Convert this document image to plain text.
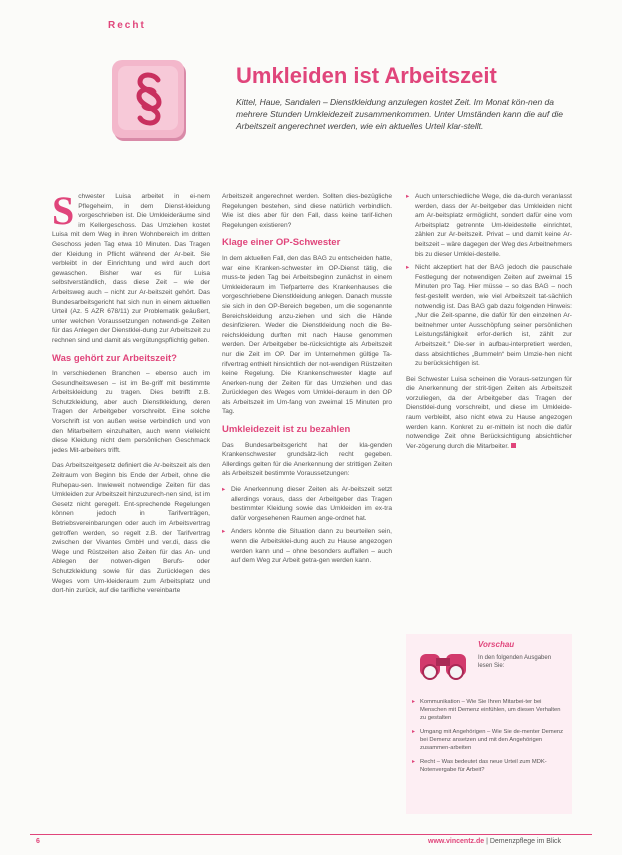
Recht
Umkleiden ist Arbeitszeit
Kittel, Haue, Sandalen – Dienstkleidung anzulegen kostet Zeit. Im Monat kön-nen da mehrere Stunden Umkleidezeit zusammenkommen. Unter Umständen kann die auf die Arbeitszeit angerechnet werden, wie ein aktuelles Urteil klar-stellt.

Schwester Luisa arbeitet in ei-nem Pflegeheim, in dem Dienst-kleidung vorgeschrieben ist. Die Umkleideräume sind im Kellergeschoss. Das Umziehen kostet Luisa mit dem Weg in ihren Wohnbereich im dritten Geschoss jeden Tag etwa 10 Minuten. Das Tragen der Kleidung in Pflicht während der Ar-beit. Sie verbleibt in der Einrichtung und wird auch dort gewaschen. Bisher war es für Luisa selbstverständlich, dass diese Zeit – wie der Arbeitsweg auch – nicht zur Ar-beitszeit gehört. Das Bundesarbeitsgericht hat sich nun in einem aktuellen Urteil (Az. 5 AZR 678/11) zur Problematik geäußert, unter welchen Voraussetzungen notwendi-ge Zeiten für das Anlegen der Dienstklei-dung zur Arbeitszeit zu rechnen sind und damit als vergütungspflichtig gelten.

Was gehört zur Arbeitszeit?

In verschiedenen Branchen – ebenso auch im Gesundheitswesen – ist im Be-griff mit bestimmte Arbeitskleidung zu tragen. Dies betrifft z.B. Schutzkleidung, aber auch Dienstkleidung, deren Tragen der Arbeitgeber vorschreibt. Eine solche Vorschrift ist von außen weise verbindlich und von den Mitarbeitern einzuhalten, auch wenn vielleicht diese Kleidung nicht dem persönlichen Geschmack jedes Mit-arbeiters trifft.

Das Arbeitszeitgesetz definiert die Ar-beitszeit als den Zeitraum von Beginn bis Ende der Arbeit, ohne die Ruhepau-sen. Inwieweit notwendige Zeiten für das Umkleiden zur Arbeitszeit hinzuzurech-nen sind, ist im Gesetz nicht geregelt. Ent-sprechende Regelungen können jedoch in Tarifverträgen, Betriebsvereinbarungen oder auch im Arbeitsvertrag getroffen werden, so regelt z.B. der Tarifvertrag zwischen der Vivantes GmbH und ver.di, dass die Wege und Rüstzeiten also Zeiten für das An- und Ablegen der notwen-digen Berufs- oder Schutzkleidung sowie für das Zurücklegen des Weges vom Um-kleideraum zum Arbeitsplatz und dort-hin zurück, auf die tarifliche vereinbarte

Arbeitszeit angerechnet werden. Sollten dies-bezügliche Regelungen bestehen, sind diese natürlich verbindlich. Wie ist dies aber für den Fall, dass keine tarif-lichen Regelungen existieren?

Klage einer OP-Schwester

In dem aktuellen Fall, den das BAG zu entscheiden hatte, war eine Kranken-schwester im OP-Dienst tätig, die muss-te jeden Tag bei Arbeitsbeginn zunächst in einem Umkleideraum im Tiefparterre des Krankenhauses die vorgeschriebene Dienstkleidung anlegen. Danach musste sie sich in den OP-Bereich begeben, um die sogenannte Bereichskleidung anzu-ziehen und sich die Hände desinfizieren. Weder die Dienstkleidung noch die Be-reichskleidung durften mit nach Hause genommen werden. Der Arbeitgeber be-rücksichtigte als Arbeitszeit nur die Zeit im OP. Der im Unternehmen gültige Ta-rifvertrag enthielt hinsichtlich der not-wendigen Rüstzeiten keine Regelung. Die Krankenschwester klagte auf Anerken-nung der Zeiten für das Umziehen und das Zurücklegen des Weges vom Umklei-deraum in den OP als Arbeitszeit im Um-fang von zweimal 15 Minuten pro Tag.

Umkleidezeit ist zu bezahlen

Das Bundesarbeitsgericht hat der kla-genden Krankenschwester grundsätz-lich recht gegeben. Allerdings gelten für die Anerkennung der strittigen Zeiten als Arbeitszeit bestimmte Voraussetzungen:

▸ Die Anerkennung dieser Zeiten als Ar-beitszeit setzt allerdings voraus, dass der Arbeitgeber das Tragen bestimmter Kleidung sowie das Umkleiden im ex-tra dafür vorgesehenen Raumen ange-ordnet hat.
▸ Anders könnte die Situation dann zu beurteilen sein, wenn die Arbeitsklei-dung auch zu Hause angezogen werden kann und – ohne besonders auffallen – auch auf dem Weg zur Arbeit getra-gen werden kann.
▸ Auch unterschiedliche Wege, die da-durch veranlasst werden, dass der Ar-beitgeber das Umkleiden nicht am Ar-beitsplatz ermöglicht, sondert dafür eine vom Arbeitsplatz getrennte Um-kleidestelle einrichtet, zählen zur Ar-beitszeit. Privat – und damit keine Ar-beitszeit – wäre dagegen der Weg des Arbeitnehmers bis zu dieser Umklei-destelle.
▸ Nicht akzeptiert hat der BAG jedoch die pauschale Festlegung der notwendigen Zeiten auf zweimal 15 Minuten pro Tag. Hier müsse – so das BAG – noch fest-gestellt werden, wie viel Arbeitszeit tat-sächlich notwendig ist. Das BAG gab dazu folgenden Hinweis: „Nur die Zeit-spanne, die dafür für den einzelnen Ar-beitnehmer unter Ausschöpfung seiner persönlichen Leistungsfähigkeit erfor-derlich ist, zählt zur Arbeitszeit.“ Die-ser in aufbau-interpretiert werden, dass absichtliches „Bummeln“ beim Umzie-hen nicht zu berücksichtigen ist.

Bei Schwester Luisa scheinen die Voraus-setzungen für die Anerkennung der strit-tigen Zeiten als Arbeitszeit vorzuliegen, da der Arbeitgeber das Tragen der Dienstklei-dung vorschreibt, und diese im Umkleide-raum verbleibt, also nicht etwa zu Hause angezogen werden kann. Konkret zu er-mitteln ist noch die dafür notwendige Zeit ohne Berücksichtigung absichtlicher Ver-zögerung durch die Mitarbeiter.

Vorschau
In den folgenden Ausgaben lesen Sie:
▸ Kommunikation – Wie Sie Ihren Mitarbei-ter bei Menschen mit Demenz einfühlen, um diesen Verhalten zu gestalten
▸ Umgang mit Angehörigen – Wie Sie de-menter Demenz bei Demenz ansetzen und mit den Angehörigen zusammen-arbeiten
▸ Recht – Was bedeutet das neue Urteil zum MDK-Notenvergabe für Arbeit?
6	www.vincentz.de | Demenzpflege im Blick
